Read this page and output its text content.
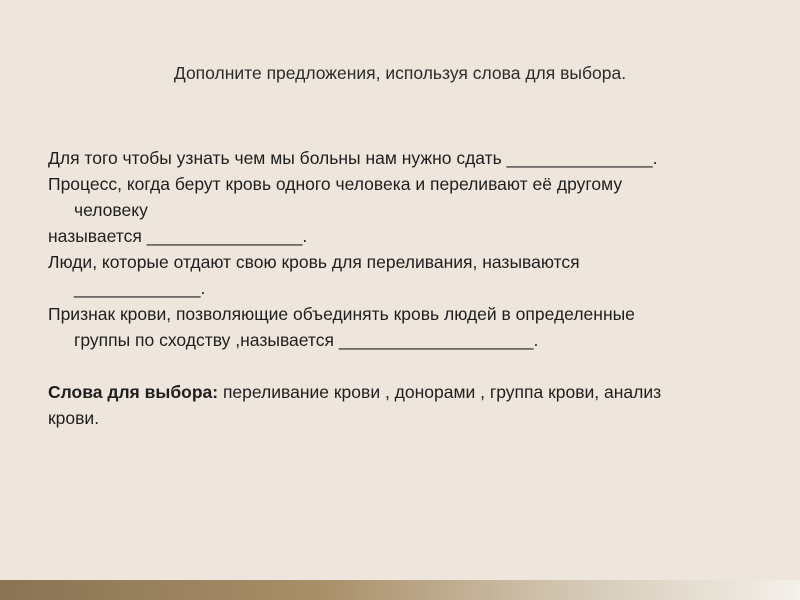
Дополните предложения, используя слова для выбора.
Для того чтобы узнать чем мы больны нам нужно сдать _______________.
Процесс, когда берут кровь одного человека и переливают её другому
человеку
называется ________________.
Люди, которые отдают свою кровь для переливания, называются
_____________.
Признак крови, позволяющие объединять кровь людей в определенные
группы по сходству ,называется ____________________.
Слова для выбора: переливание крови , донорами , группа крови, анализ
крови.
